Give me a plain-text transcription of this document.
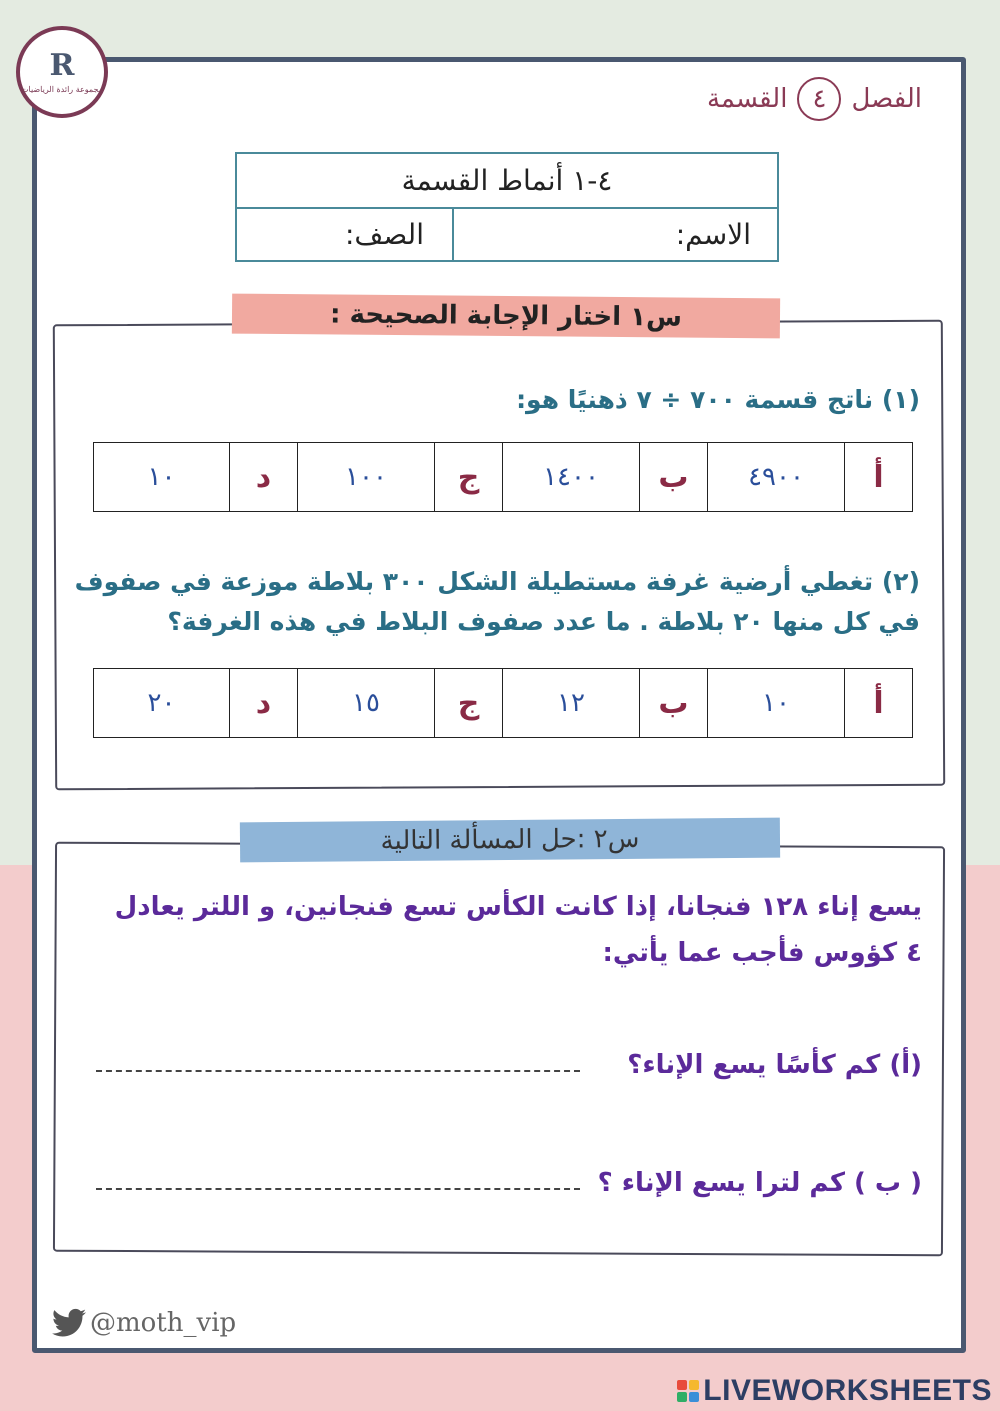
R
مجموعة رائدة الرياضيات	الفصل
٤
القسمة
٤-١ أنماط القسمة
الاسم:
الصف:
س١ اختار الإجابة الصحيحة :
(١) ناتج قسمة ٧٠٠ ÷ ٧ ذهنيًا هو:
أ
٤٩٠٠
ب
١٤٠٠
ج
١٠٠
د
١٠
(٢) تغطي أرضية غرفة مستطيلة الشكل ٣٠٠ بلاطة موزعة في صفوف في كل منها ٢٠ بلاطة . ما عدد صفوف البلاط في هذه الغرفة؟
أ
١٠
ب
١٢
ج
١٥
د
٢٠
س٢ :حل المسألة التالية
يسع إناء ١٢٨ فنجانا، إذا كانت الكأس تسع فنجانين، و اللتر يعادل ٤ كؤوس فأجب عما يأتي:
(أ) كم كأسًا يسع الإناء؟
( ب ) كم لترا يسع الإناء ؟
@moth_vip
LIVEWORKSHEETS
